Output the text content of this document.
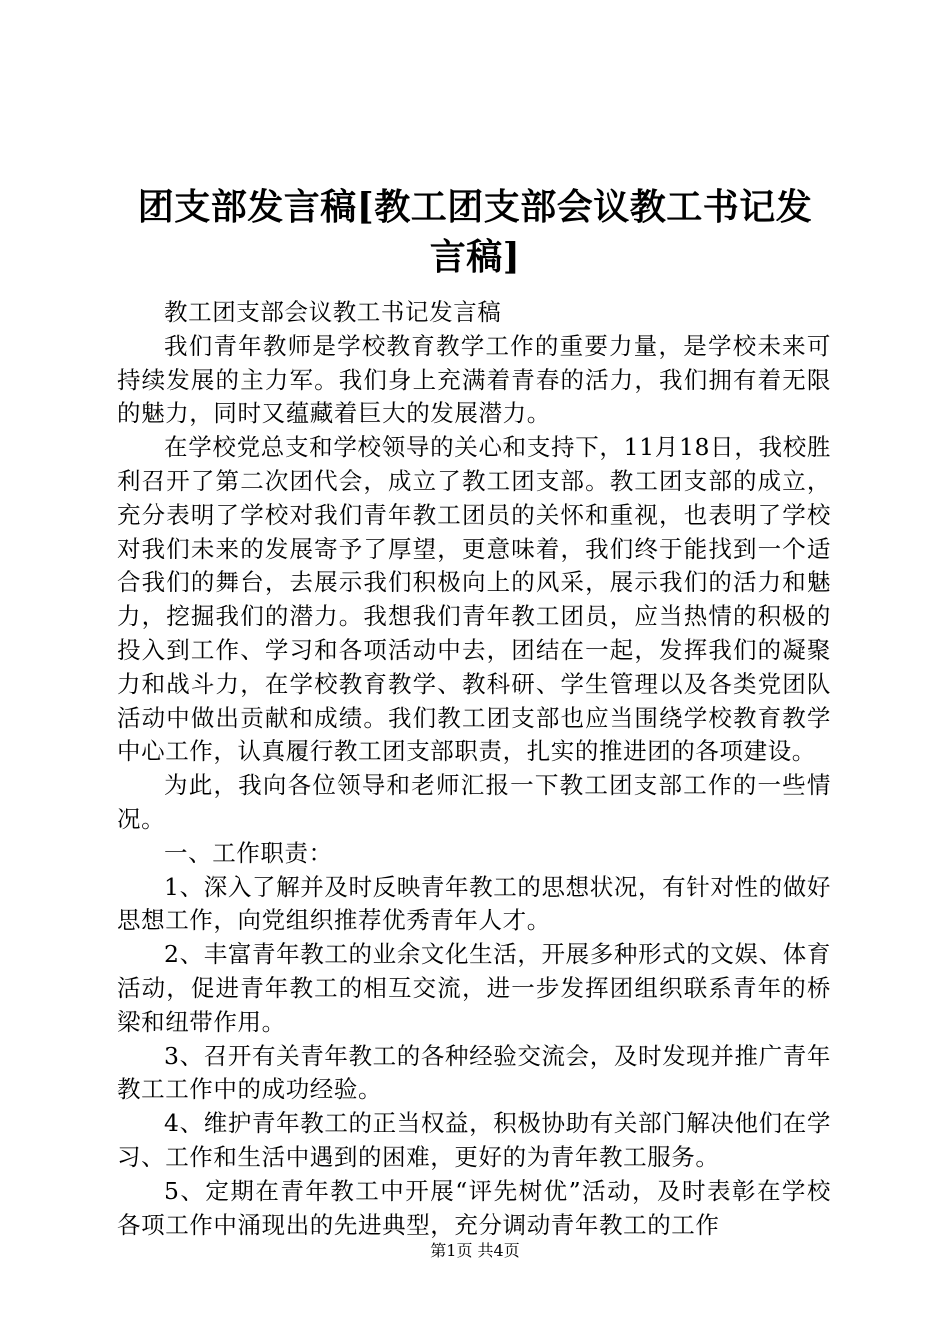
团支部发言稿[教工团支部会议教工书记发言稿]

教工团支部会议教工书记发言稿

我们青年教师是学校教育教学工作的重要力量，是学校未来可持续发展的主力军。我们身上充满着青春的活力，我们拥有着无限的魅力，同时又蕴藏着巨大的发展潜力。

在学校党总支和学校领导的关心和支持下，11月18日，我校胜利召开了第二次团代会，成立了教工团支部。教工团支部的成立，充分表明了学校对我们青年教工团员的关怀和重视，也表明了学校对我们未来的发展寄予了厚望，更意味着，我们终于能找到一个适合我们的舞台，去展示我们积极向上的风采，展示我们的活力和魅力，挖掘我们的潜力。我想我们青年教工团员，应当热情的积极的投入到工作、学习和各项活动中去，团结在一起，发挥我们的凝聚力和战斗力，在学校教育教学、教科研、学生管理以及各类党团队活动中做出贡献和成绩。我们教工团支部也应当围绕学校教育教学中心工作，认真履行教工团支部职责，扎实的推进团的各项建设。

为此，我向各位领导和老师汇报一下教工团支部工作的一些情况。

一、工作职责：

1、深入了解并及时反映青年教工的思想状况，有针对性的做好思想工作，向党组织推荐优秀青年人才。

2、丰富青年教工的业余文化生活，开展多种形式的文娱、体育活动，促进青年教工的相互交流，进一步发挥团组织联系青年的桥梁和纽带作用。

3、召开有关青年教工的各种经验交流会，及时发现并推广青年教工工作中的成功经验。

4、维护青年教工的正当权益，积极协助有关部门解决他们在学习、工作和生活中遇到的困难，更好的为青年教工服务。

5、定期在青年教工中开展“评先树优”活动，及时表彰在学校各项工作中涌现出的先进典型，充分调动青年教工的工作

第1页 共4页
